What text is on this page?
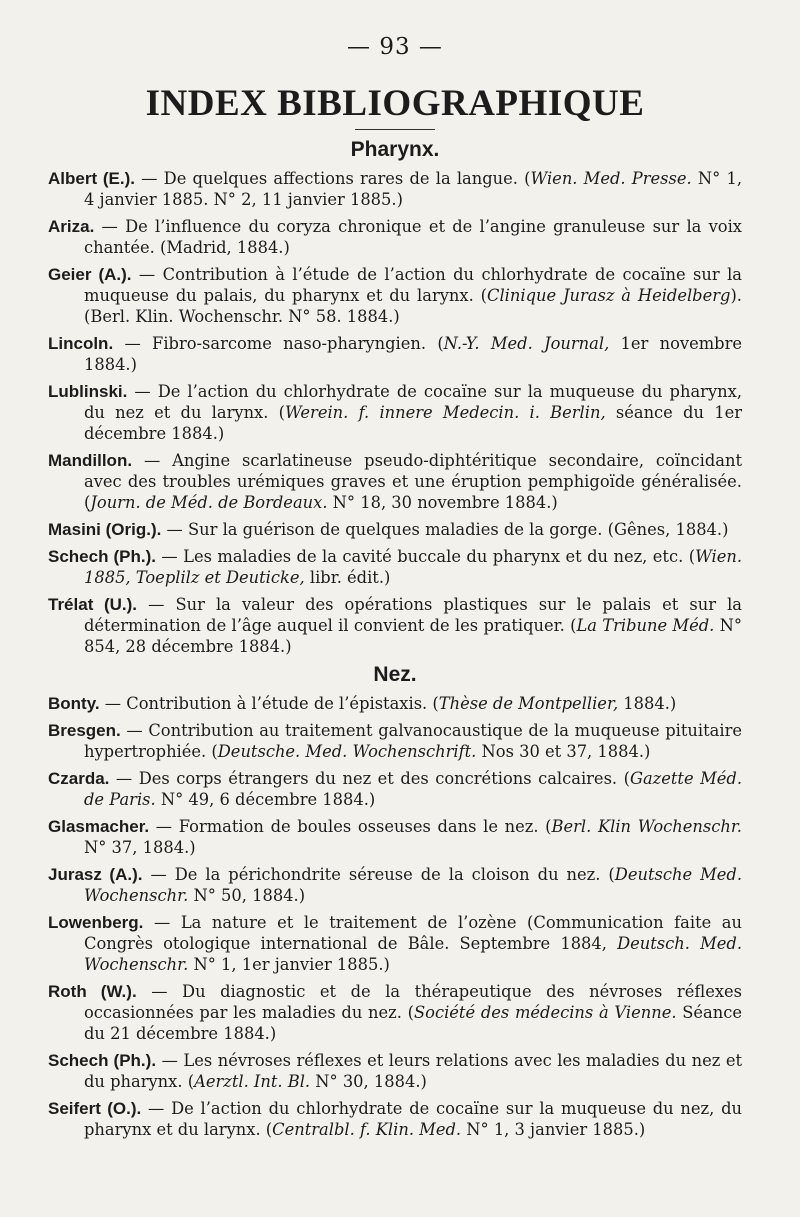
— 93 —
INDEX BIBLIOGRAPHIQUE
Pharynx.
Albert (E.). — De quelques affections rares de la langue. (Wien. Med. Presse. N° 1, 4 janvier 1885. N° 2, 11 janvier 1885.)
Ariza. — De l’influence du coryza chronique et de l’angine granuleuse sur la voix chantée. (Madrid, 1884.)
Geier (A.). — Contribution à l’étude de l’action du chlorhydrate de cocaïne sur la muqueuse du palais, du pharynx et du larynx. (Clinique Jurasz à Heidelberg). (Berl. Klin. Wochenschr. N° 58. 1884.)
Lincoln. — Fibro-sarcome naso-pharyngien. (N.-Y. Med. Journal, 1er novembre 1884.)
Lublinski. — De l’action du chlorhydrate de cocaïne sur la muqueuse du pharynx, du nez et du larynx. (Werein. f. innere Medecin. i. Berlin, séance du 1er décembre 1884.)
Mandillon. — Angine scarlatineuse pseudo-diphtéritique secondaire, coïncidant avec des troubles urémiques graves et une éruption pemphigoïde généralisée. (Journ. de Méd. de Bordeaux. N° 18, 30 novembre 1884.)
Masini (Orig.). — Sur la guérison de quelques maladies de la gorge. (Gênes, 1884.)
Schech (Ph.). — Les maladies de la cavité buccale du pharynx et du nez, etc. (Wien. 1885, Toeplilz et Deuticke, libr. édit.)
Trélat (U.). — Sur la valeur des opérations plastiques sur le palais et sur la détermination de l’âge auquel il convient de les pratiquer. (La Tribune Méd. N° 854, 28 décembre 1884.)
Nez.
Bonty. — Contribution à l’étude de l’épistaxis. (Thèse de Montpellier, 1884.)
Bresgen. — Contribution au traitement galvanocaustique de la muqueuse pituitaire hypertrophiée. (Deutsche. Med. Wochenschrift. Nos 30 et 37, 1884.)
Czarda. — Des corps étrangers du nez et des concrétions calcaires. (Gazette Méd. de Paris. N° 49, 6 décembre 1884.)
Glasmacher. — Formation de boules osseuses dans le nez. (Berl. Klin Wochenschr. N° 37, 1884.)
Jurasz (A.). — De la périchondrite séreuse de la cloison du nez. (Deutsche Med. Wochenschr. N° 50, 1884.)
Lowenberg. — La nature et le traitement de l’ozène (Communication faite au Congrès otologique international de Bâle. Septembre 1884, Deutsch. Med. Wochenschr. N° 1, 1er janvier 1885.)
Roth (W.). — Du diagnostic et de la thérapeutique des névroses réflexes occasionnées par les maladies du nez. (Société des médecins à Vienne. Séance du 21 décembre 1884.)
Schech (Ph.). — Les névroses réflexes et leurs relations avec les maladies du nez et du pharynx. (Aerztl. Int. Bl. N° 30, 1884.)
Seifert (O.). — De l’action du chlorhydrate de cocaïne sur la muqueuse du nez, du pharynx et du larynx. (Centralbl. f. Klin. Med. N° 1, 3 janvier 1885.)
